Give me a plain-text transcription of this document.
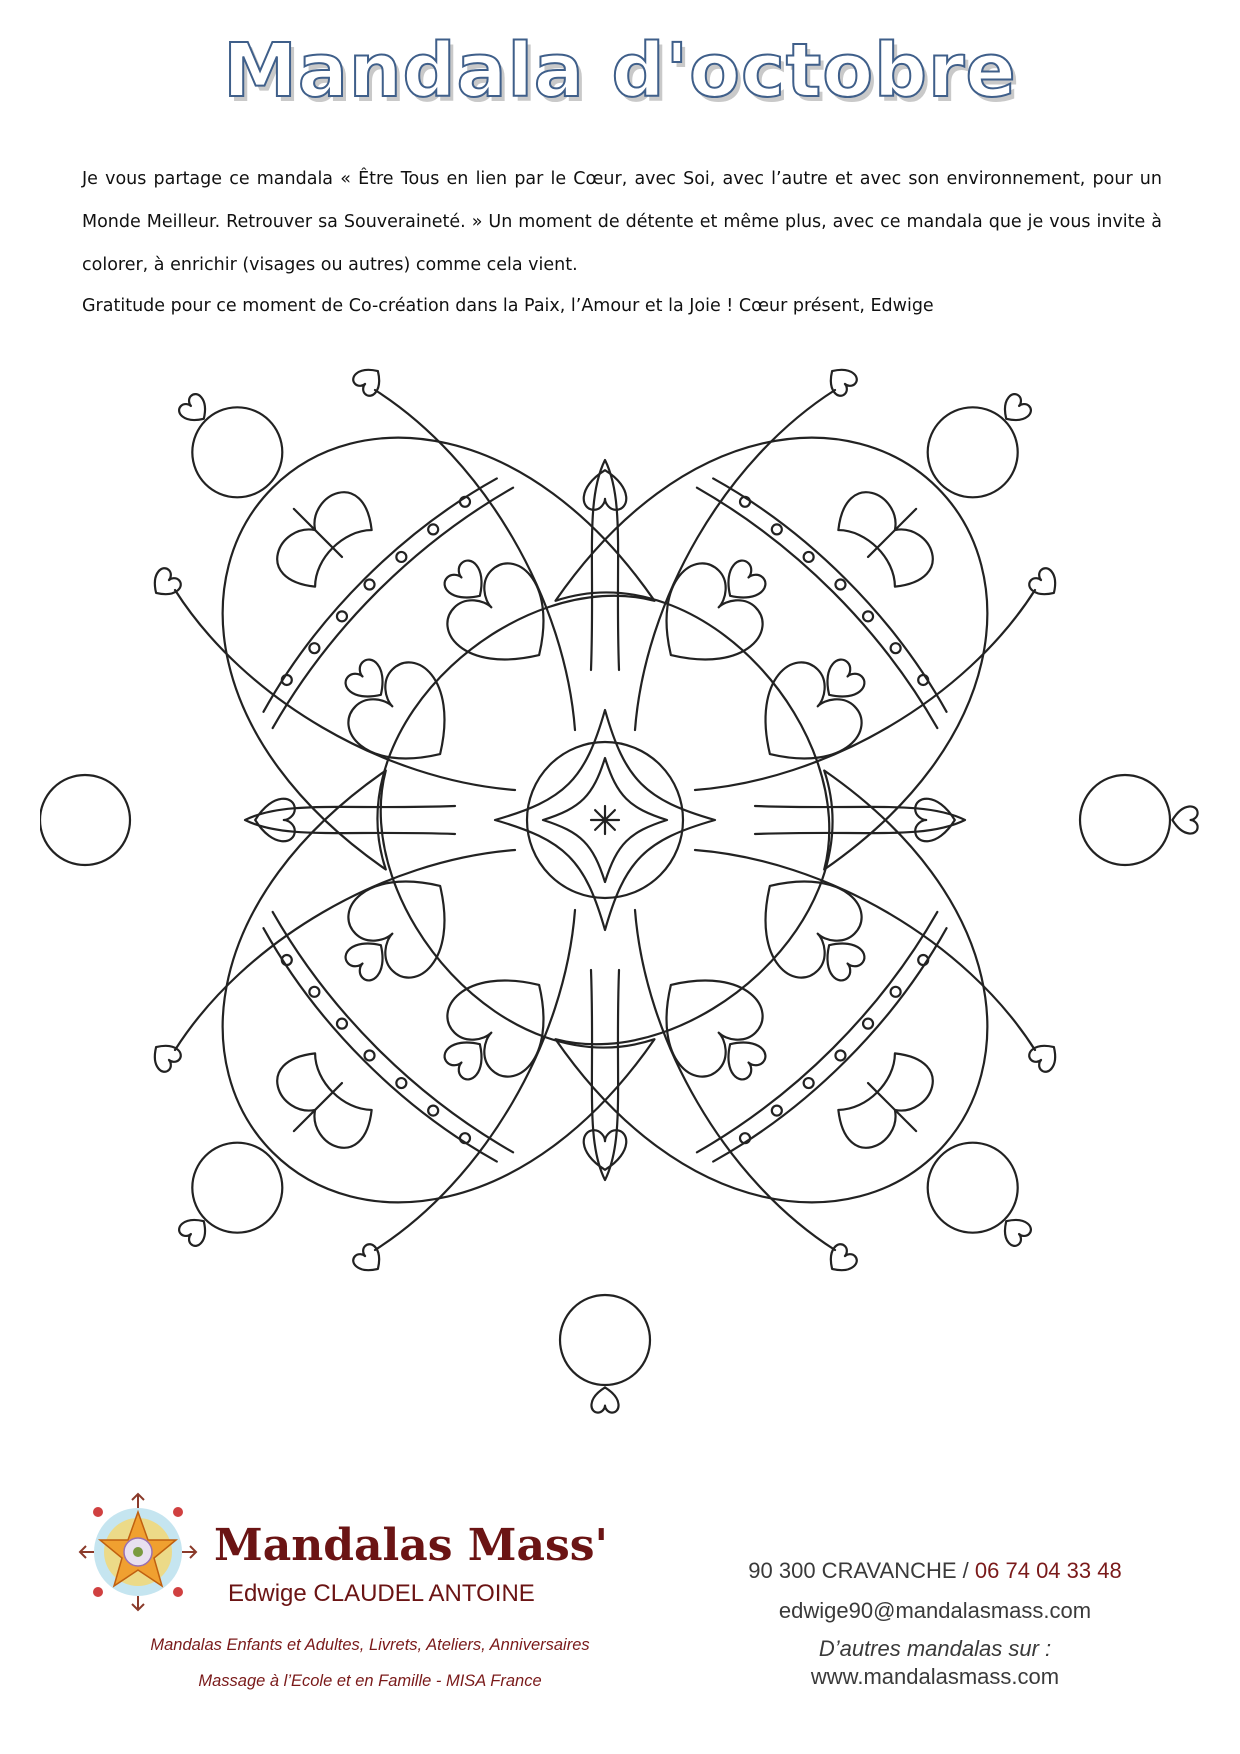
Mandala d'octobre

Je vous partage ce mandala « Être Tous en lien par le Cœur, avec Soi, avec l’autre et avec son environnement, pour un Monde Meilleur. Retrouver sa Souveraineté. » Un moment de détente et même plus, avec ce mandala que je vous invite à colorer, à enrichir (visages ou autres) comme cela vient.

Gratitude pour ce moment de Co-création dans la Paix, l’Amour et la Joie ! Cœur présent, Edwige

Mandalas Mass'
Edwige CLAUDEL ANTOINE
Mandalas Enfants et Adultes, Livrets, Ateliers, Anniversaires
Massage à l’Ecole et en Famille - MISA France
90 300 CRAVANCHE / 06 74 04 33 48
edwige90@mandalasmass.com
D’autres mandalas sur :
www.mandalasmass.com
